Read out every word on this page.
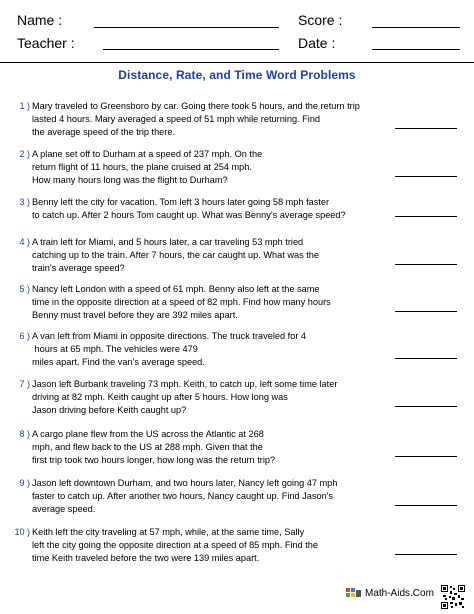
Name :	Score :
Teacher :	Date :
Distance, Rate, and Time Word Problems
1 ) Mary traveled to Greensboro by car. Going there took 5 hours, and the return trip
lasted 4 hours. Mary averaged a speed of 51 mph while returning. Find
the average speed of the trip there.
2 ) A plane set off to Durham at a speed of 237 mph. On the
return flight of 11 hours, the plane cruised at 254 mph.
How many hours long was the flight to Durham?
3 ) Benny left the city for vacation. Tom left 3 hours later going 58 mph faster
to catch up. After 2 hours Tom caught up. What was Benny's average speed?
4 ) A train left for Miami, and 5 hours later, a car traveling 53 mph tried
catching up to the train. After 7 hours, the car caught up. What was the
train's average speed?
5 ) Nancy left London with a speed of 61 mph. Benny also left at the same
time in the opposite direction at a speed of 82 mph. Find how many hours
Benny must travel before they are 392 miles apart.
6 ) A van left from Miami in opposite directions. The truck traveled for 4
hours at 65 mph. The vehicles were 479
miles apart. Find the van's average speed.
7 ) Jason left Burbank traveling 73 mph. Keith, to catch up, left some time later
driving at 82 mph. Keith caught up after 5 hours. How long was
Jason driving before Keith caught up?
8 ) A cargo plane flew from the US across the Atlantic at 268
mph, and flew back to the US at 288 mph. Given that the
first trip took two hours longer, how long was the return trip?
9 ) Jason left downtown Durham, and two hours later, Nancy left going 47 mph
faster to catch up. After another two hours, Nancy caught up. Find Jason's
average speed.
10 ) Keith left the city traveling at 57 mph, while, at the same time, Sally
left the city going the opposite direction at a speed of 85 mph. Find the
time Keith traveled before the two were 139 miles apart.
Math-Aids.Com
